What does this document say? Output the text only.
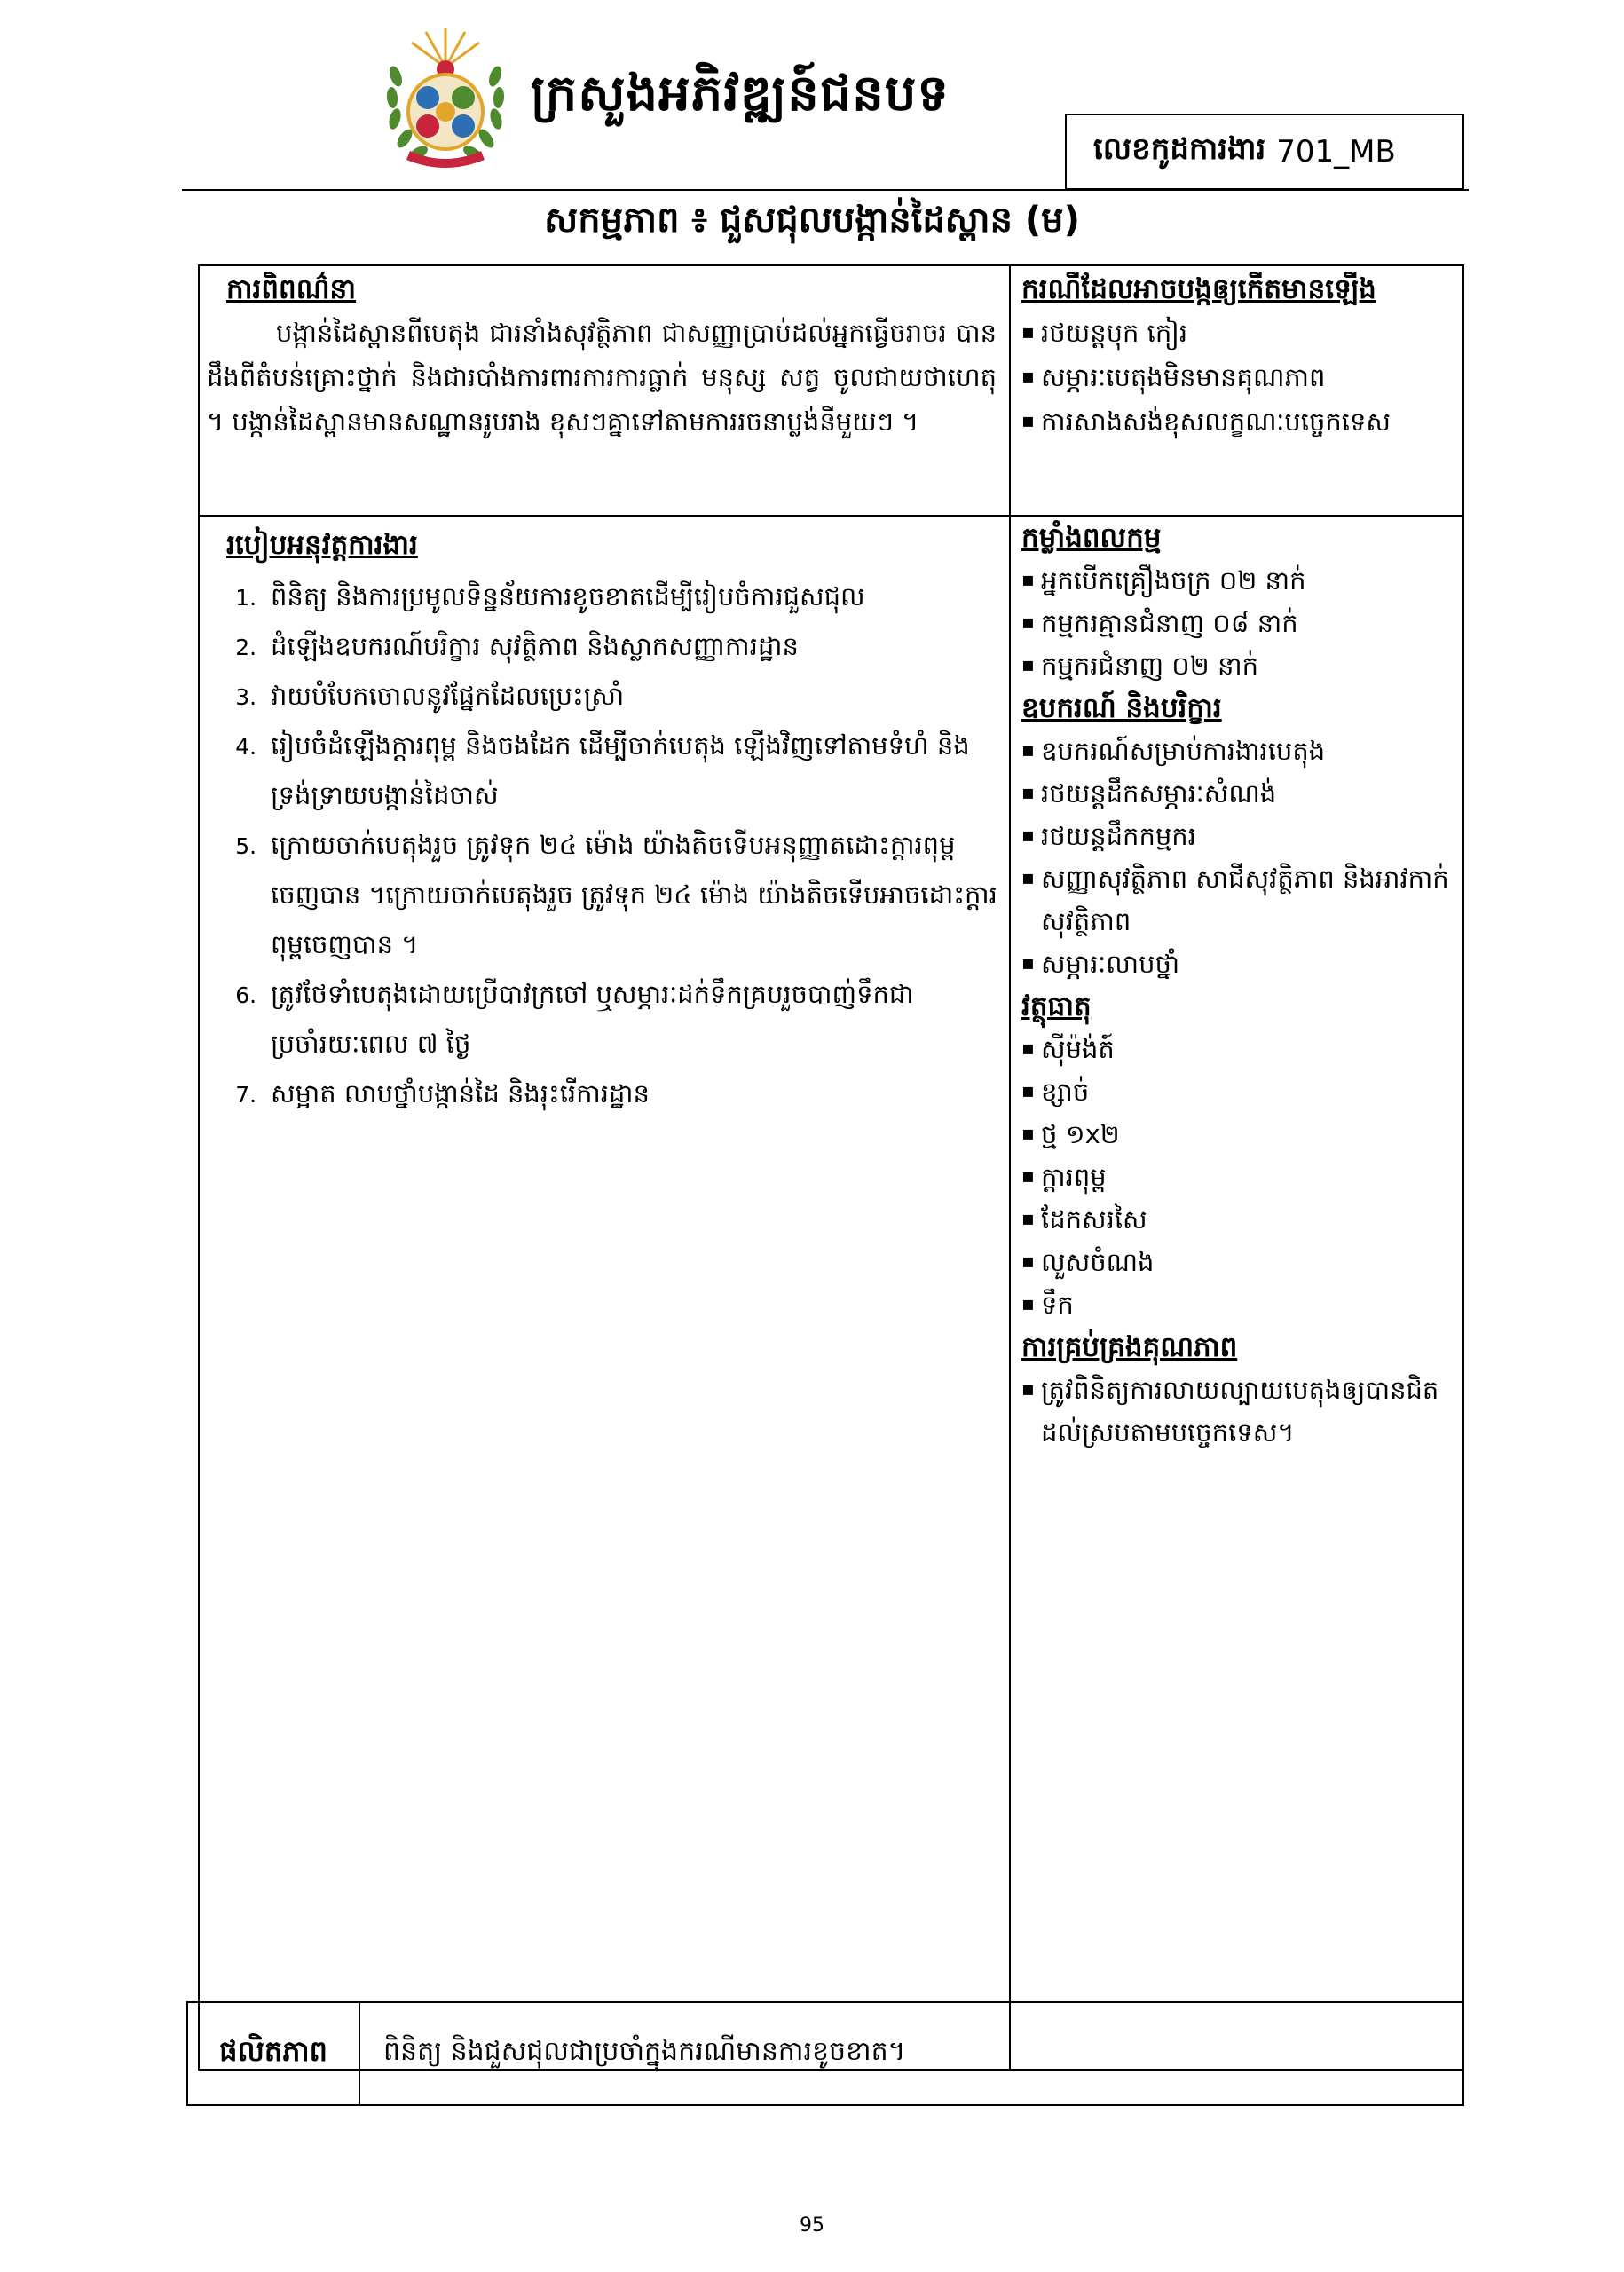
ក្រសួងអភិវឌ្ឍន៍ជនបទ
លេខកូដការងារ 701_MB
សកម្មភាព ៖ ជួសជុលបង្កាន់ដៃស្ពាន (ម)
ការពិពណ៌នា

បង្កាន់ដៃស្ពានពីបេតុង ជារនាំងសុវត្ថិភាព ជាសញ្ញាប្រាប់ដល់អ្នកធ្វើចរាចរ បានដឹងពីតំបន់គ្រោះថ្នាក់ និងជារបាំងការពារការការធ្លាក់ មនុស្ស សត្វ ចូលជាយថាហេតុ ។ បង្កាន់ដៃស្ពានមានសណ្ឋានរូបរាង ខុសៗគ្នាទៅតាមការរចនាប្លង់នីមួយៗ ។

ករណីដែលអាចបង្កឲ្យកើតមានឡើង
▪ រថយន្តបុក កៀរ
▪ សម្ភារៈបេតុងមិនមានគុណភាព
▪ ការសាងសង់ខុសលក្ខណៈបច្ចេកទេស
របៀបអនុវត្តការងារ
1. ពិនិត្យ និងការប្រមូលទិន្នន័យការខូចខាតដើម្បីរៀបចំការជួសជុល
2. ដំឡើងឧបករណ៍បរិក្ខារ សុវត្ថិភាព និងស្លាកសញ្ញាការដ្ឋាន
3. វាយបំបែកចោលនូវផ្នែកដែលប្រេះស្រាំ
4. រៀបចំដំឡើងក្តារពុម្ព និងចងដែក ដើម្បីចាក់បេតុង ឡើងវិញទៅតាមទំហំ និងទ្រង់ទ្រាយបង្កាន់ដៃចាស់
5. ក្រោយចាក់បេតុងរួច ត្រូវទុក ២៤ ម៉ោង យ៉ាងតិចទើបអនុញ្ញាតដោះក្តារពុម្ពចេញបាន ។ក្រោយចាក់បេតុងរួច ត្រូវទុក ២៤ ម៉ោង យ៉ាងតិចទើបអាចដោះក្តារពុម្ពចេញបាន ។
6. ត្រូវថែទាំបេតុងដោយប្រើបាវក្រចៅ ឬសម្ភារៈដក់ទឹកគ្របរួចបាញ់ទឹកជាប្រចាំរយៈពេល ៧ ថ្ងៃ
7. សម្អាត លាបថ្នាំបង្កាន់ដៃ និងរុះរើការដ្ឋាន
កម្លាំងពលកម្ម
▪ អ្នកបើកគ្រឿងចក្រ ០២ នាក់
▪ កម្មករគ្មានជំនាញ ០៨ នាក់
▪ កម្មករជំនាញ ០២ នាក់
ឧបករណ៍ និងបរិក្ខារ
▪ ឧបករណ៍សម្រាប់ការងារបេតុង
▪ រថយន្តដឹកសម្ភារៈសំណង់
▪ រថយន្តដឹកកម្មករ
▪ សញ្ញាសុវត្ថិភាព សាជីសុវត្ថិភាព និងអាវកាក់សុវត្ថិភាព
▪ សម្ភារៈលាបថ្នាំ
វត្ថុធាតុ
▪ ស៊ីម៉ង់ត៍
▪ ខ្សាច់
▪ ថ្ម ១x២
▪ ក្តារពុម្ព
▪ ដែកសរសៃ
▪ លួសចំណង
▪ ទឹក
ការគ្រប់គ្រងគុណភាព
▪ ត្រូវពិនិត្យការលាយល្បាយបេតុងឲ្យបានជិតដល់ស្របតាមបច្ចេកទេស។
ផលិតភាព	ពិនិត្យ និងជួសជុលជាប្រចាំក្នុងករណីមានការខូចខាត។
95
